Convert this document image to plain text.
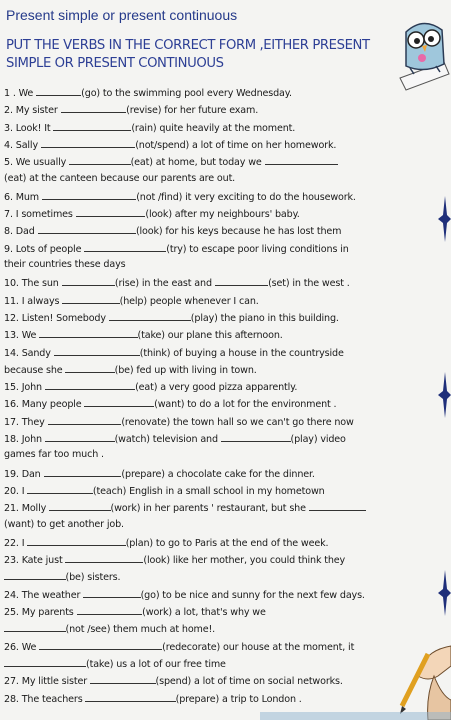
Present simple or present continuous
PUT THE VERBS IN THE CORRECT FORM ,EITHER PRESENT SIMPLE OR PRESENT CONTINUOUS
1 . We	(go) to the swimming pool every Wednesday.
2. My sister	(revise) for her future exam.
3. Look! It	(rain) quite heavily at the moment.
4. Sally	(not/spend) a lot of time on her homework.
5. We usually	(eat) at home, but today we
(eat) at the canteen because our parents are out.
6. Mum	(not /find) it very exciting to do the housework.
7. I sometimes	(look) after my neighbours' baby.
8. Dad	(look) for his keys because he has lost them
9. Lots of people	(try) to escape poor living conditions in
their countries these days
10. The sun	(rise) in the east and	(set) in the west .
11. I always	(help) people whenever I can.
12. Listen! Somebody	(play) the piano in this building.
13. We	(take) our plane this afternoon.
14. Sandy	(think) of buying a house in the countryside
because she	(be) fed up with living in town.
15. John	(eat) a very good pizza apparently.
16. Many people	(want) to do a lot for the environment .
17. They	(renovate) the town hall so we can't go there now
18. John	(watch) television and	(play) video
games far too much .
19. Dan	(prepare) a chocolate cake for the dinner.
20. I	(teach) English in a small school in my hometown
21. Molly	(work) in her parents ' restaurant, but she
(want) to get another job.
22. I	(plan) to go to Paris at the end of the week.
23. Kate just	(look) like her mother, you could think they
(be) sisters.
24. The weather	(go) to be nice and sunny for the next few days.
25. My parents	(work) a lot, that's why we
(not /see) them much at home!.
26. We	(redecorate) our house at the moment, it
(take) us a lot of our free time
27. My little sister	(spend) a lot of time on social networks.
28. The teachers	(prepare) a trip to London .
